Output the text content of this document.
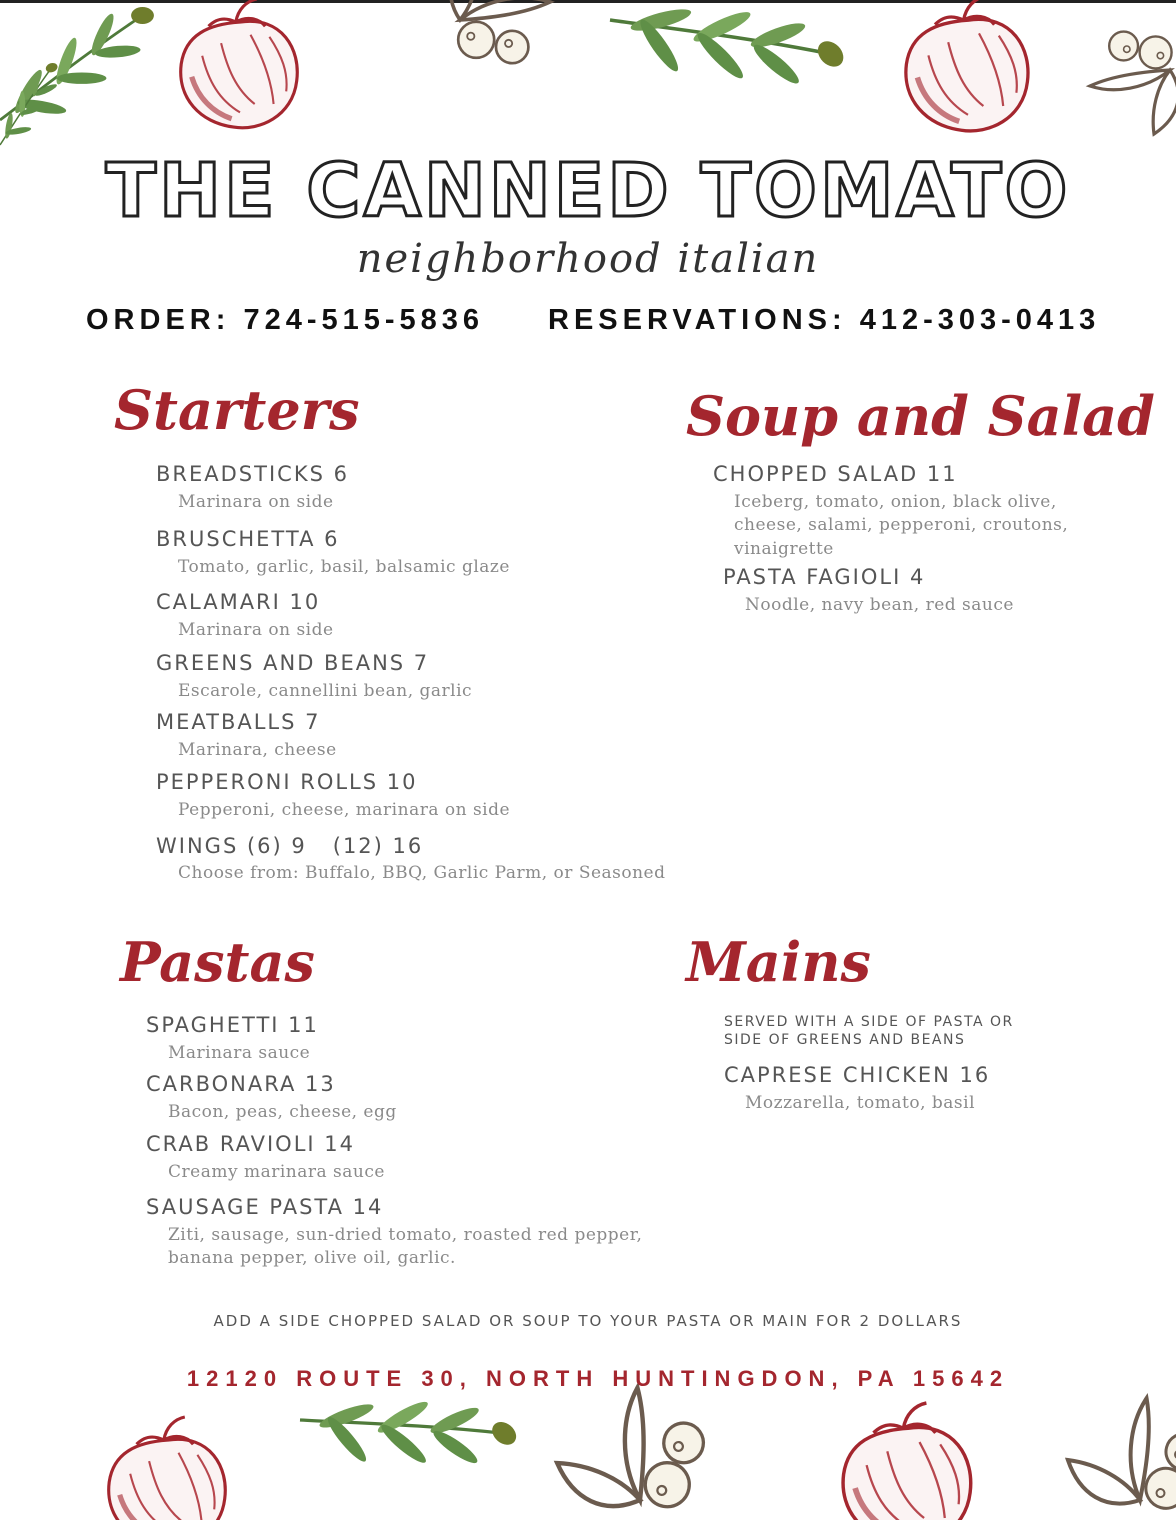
THE CANNED TOMATO
neighborhood italian
ORDER: 724-515-5836 RESERVATIONS: 412-303-0413
Starters
BREADSTICKS 6
Marinara on side
BRUSCHETTA 6
Tomato, garlic, basil, balsamic glaze
CALAMARI 10
Marinara on side
GREENS AND BEANS 7
Escarole, cannellini bean, garlic
MEATBALLS 7
Marinara, cheese
PEPPERONI ROLLS 10
Pepperoni, cheese, marinara on side
WINGS (6) 9   (12) 16
Choose from: Buffalo, BBQ, Garlic Parm, or Seasoned
Soup and Salad
CHOPPED SALAD 11
Iceberg, tomato, onion, black olive,
cheese, salami, pepperoni, croutons,
vinaigrette
PASTA FAGIOLI 4
Noodle, navy bean, red sauce
Pastas
SPAGHETTI 11
Marinara sauce
CARBONARA 13
Bacon, peas, cheese, egg
CRAB RAVIOLI 14
Creamy marinara sauce
SAUSAGE PASTA 14
Ziti, sausage, sun-dried tomato, roasted red pepper,
banana pepper, olive oil, garlic.
Mains
SERVED WITH A SIDE OF PASTA OR
SIDE OF GREENS AND BEANS
CAPRESE CHICKEN 16
Mozzarella, tomato, basil
ADD A SIDE CHOPPED SALAD OR SOUP TO YOUR PASTA OR MAIN FOR 2 DOLLARS
12120 ROUTE 30, NORTH HUNTINGDON, PA 15642
